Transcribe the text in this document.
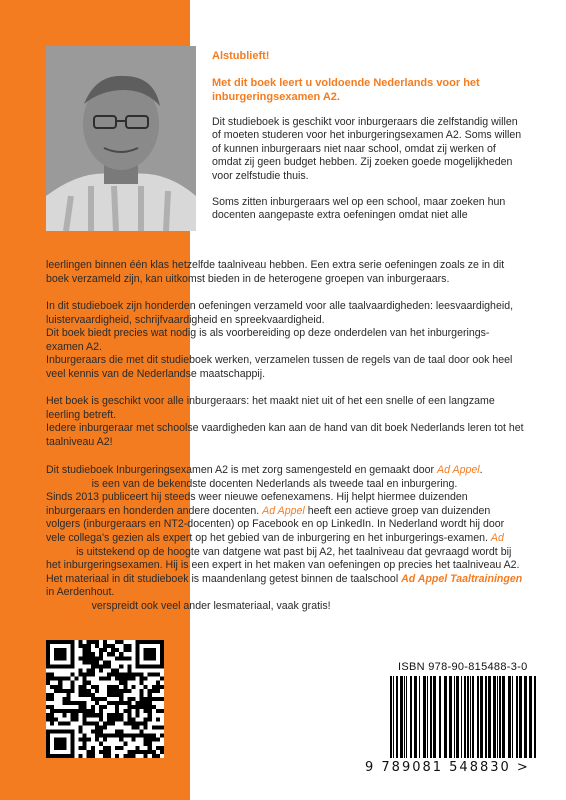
Alstublieft!

Met dit boek leert u voldoende Nederlands voor het inburgeringsexamen A2.

Dit studieboek is geschikt voor inburgeraars die zelfstandig willen of moeten studeren voor het inburgeringsexamen A2. Soms willen of kunnen inburgeraars niet naar school, omdat zij werken of omdat zij geen budget hebben. Zij zoeken goede mogelijkheden voor zelfstudie thuis.

Soms zitten inburgeraars wel op een school, maar zoeken hun docenten aangepaste extra oefeningen omdat niet alle

leerlingen binnen één klas hetzelfde taalniveau hebben. Een extra serie oefeningen zoals ze in dit boek verzameld zijn, kan uitkomst bieden in de heterogene groepen van inburgeraars.

In dit studieboek zijn honderden oefeningen verzameld voor alle taalvaardigheden: leesvaardigheid, luistervaardigheid, schrijfvaardigheid en spreekvaardigheid.

Dit boek biedt precies wat nodig is als voorbereiding op deze onderdelen van het inburgerings-examen A2.

Inburgeraars die met dit studieboek werken, verzamelen tussen de regels van de taal door ook heel veel kennis van de Nederlandse maatschappij.

Het boek is geschikt voor alle inburgeraars: het maakt niet uit of het een snelle of een langzame leerling betreft.

Iedere inburgeraar met schoolse vaardigheden kan aan de hand van dit boek Nederlands leren tot het taalniveau A2!

Dit studieboek Inburgeringsexamen A2 is met zorg samengesteld en gemaakt door Ad Appel.
Ad Appel is een van de bekendste docenten Nederlands als tweede taal en inburgering.
Sinds 2013 publiceert hij steeds weer nieuwe oefenexamens. Hij helpt hiermee duizenden inburgeraars en honderden andere docenten. Ad Appel heeft een actieve groep van duizenden volgers (inburgeraars en NT2-docenten) op Facebook en op LinkedIn. In Nederland wordt hij door vele collega's gezien als expert op het gebied van de inburgering en het inburgerings-examen. Ad Appel is uitstekend op de hoogte van datgene wat past bij A2, het taalniveau dat gevraagd wordt bij het inburgeringsexamen. Hij is een expert in het maken van oefeningen op precies het taalniveau A2. Het materiaal in dit studieboek is maandenlang getest binnen de taalschool Ad Appel Taaltrainingen in Aerdenhout.
Ad Appel verspreidt ook veel ander lesmateriaal, vaak gratis!

www.adappel.nl
ISBN 978-90-815488-3-0
9 789081 548830 >
